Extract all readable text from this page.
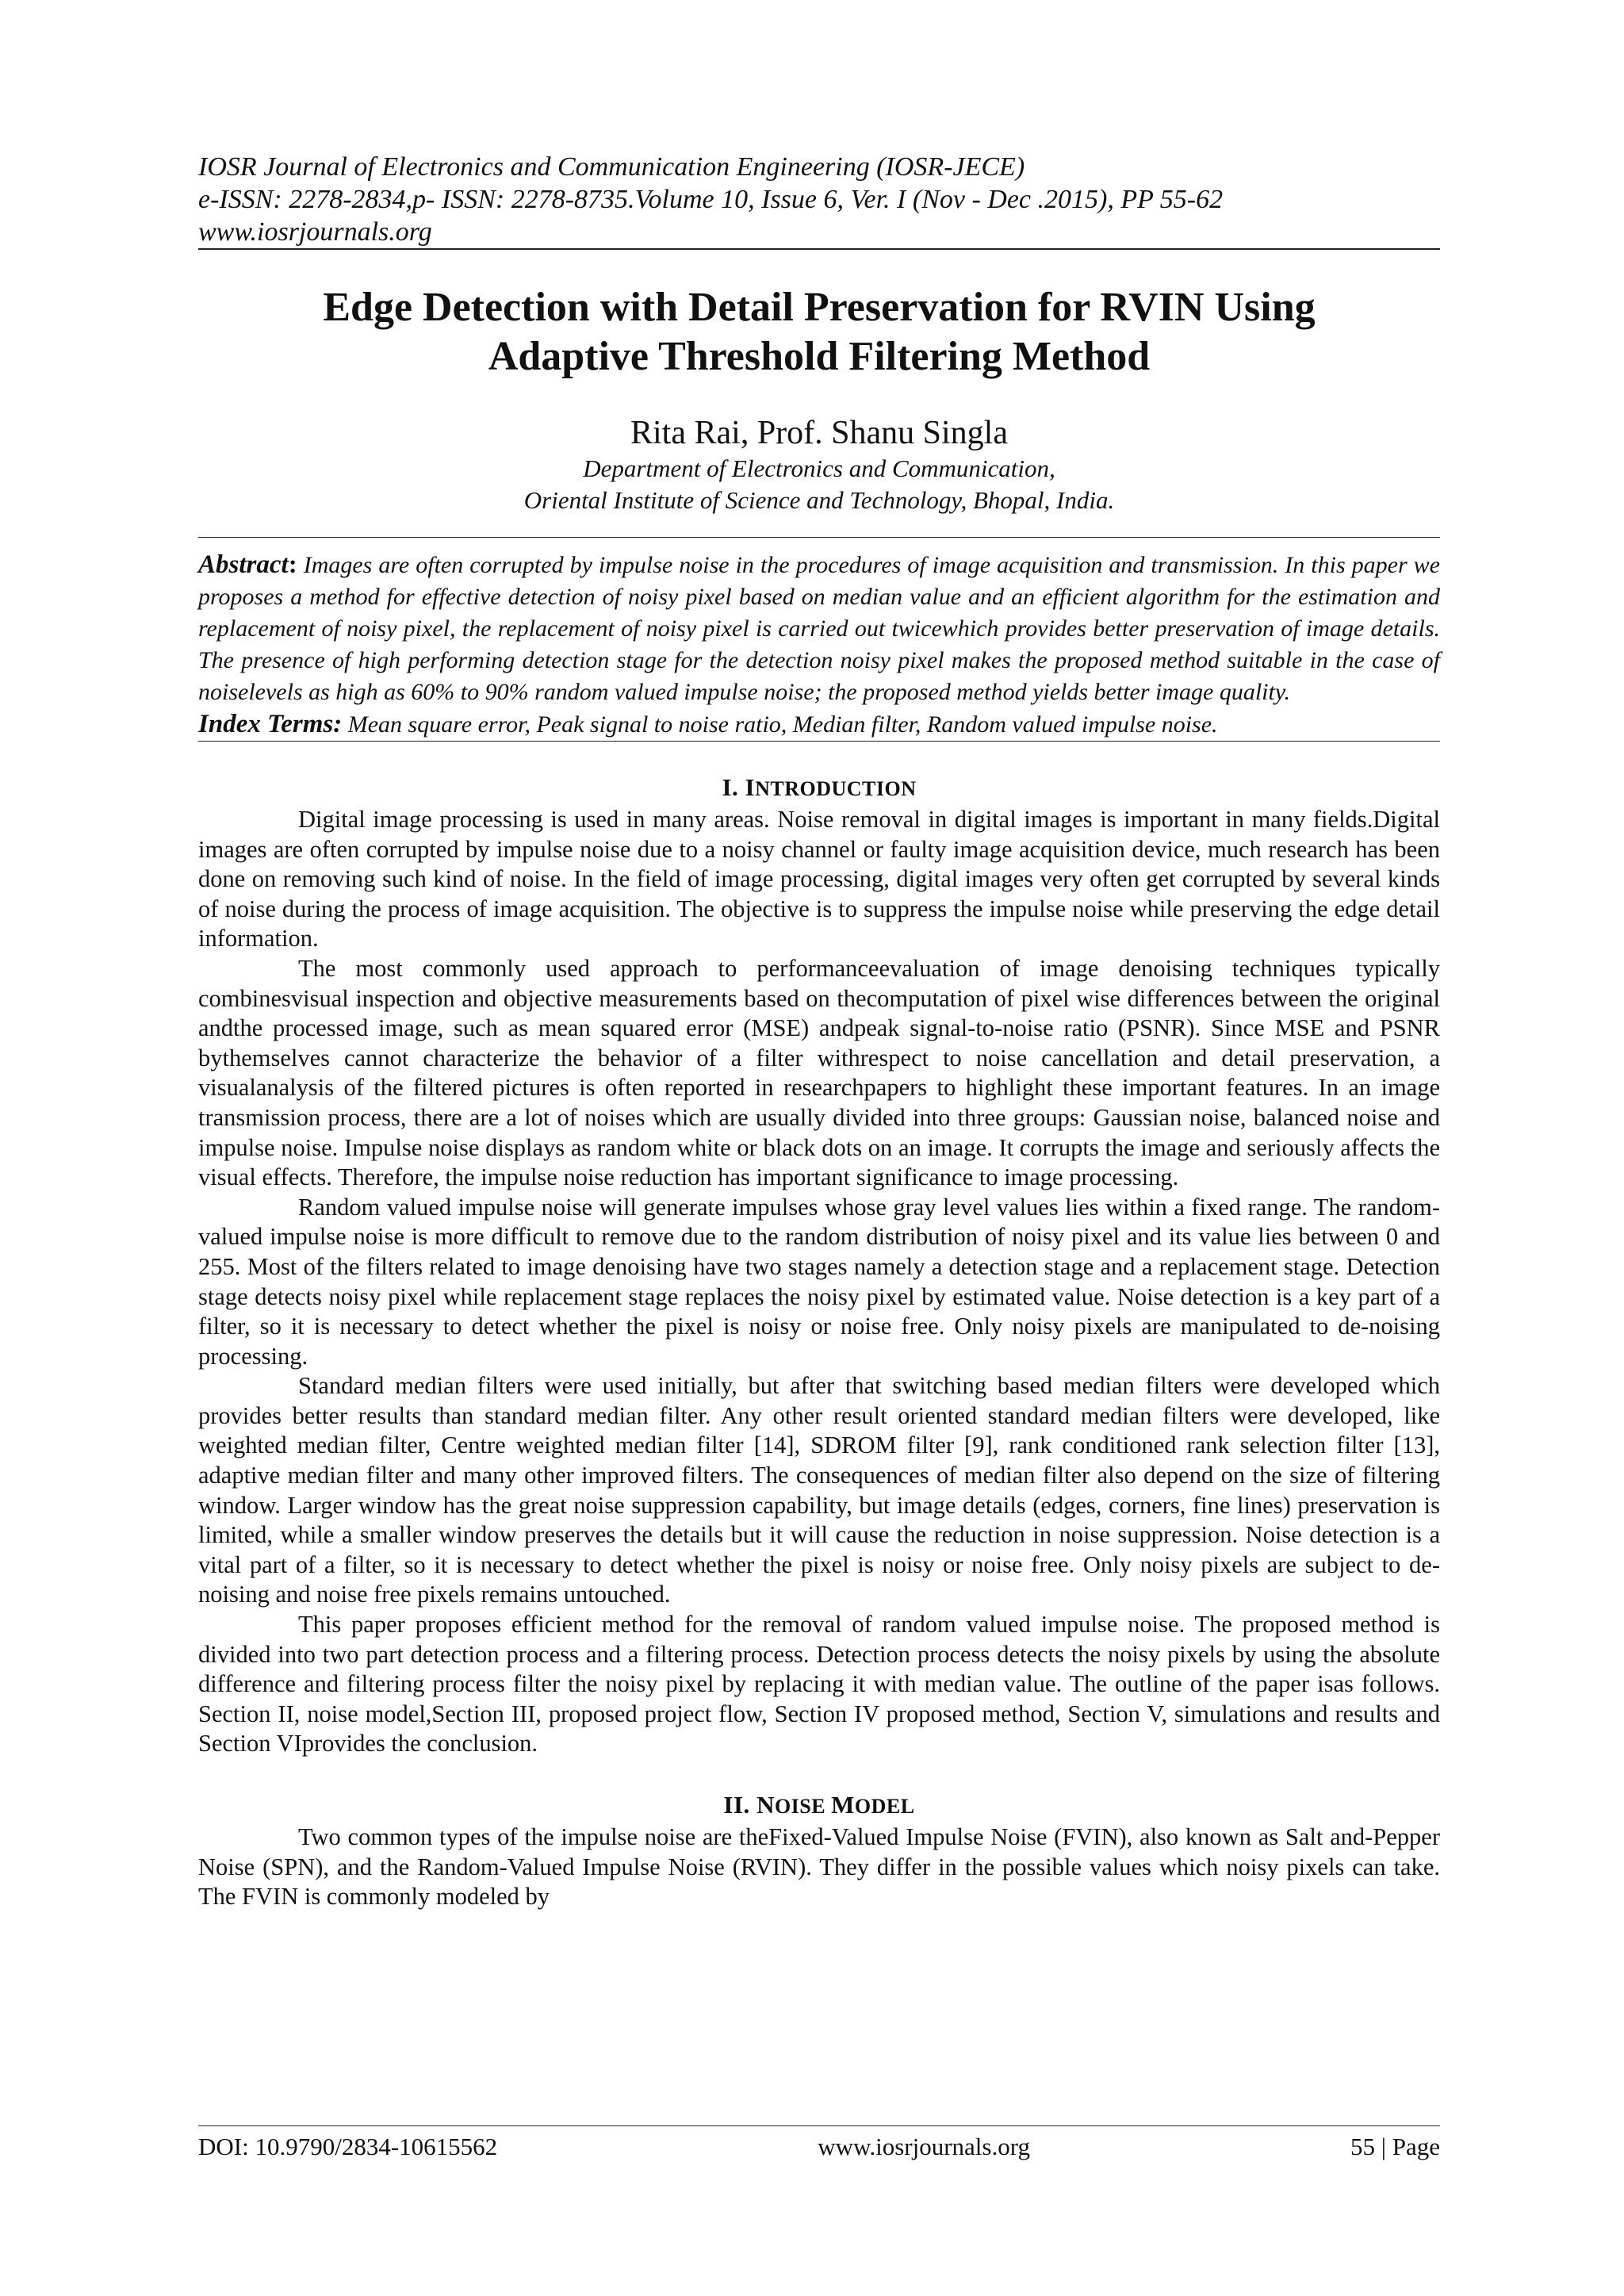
IOSR Journal of Electronics and Communication Engineering (IOSR-JECE)
e-ISSN: 2278-2834,p- ISSN: 2278-8735.Volume 10, Issue 6, Ver. I (Nov - Dec .2015), PP 55-62
www.iosrjournals.org
Edge Detection with Detail Preservation for RVIN Using
Adaptive Threshold Filtering Method
Rita Rai, Prof. Shanu Singla
Department of Electronics and Communication,
Oriental Institute of Science and Technology, Bhopal, India.
Abstract: Images are often corrupted by impulse noise in the procedures of image acquisition and transmission. In this paper we proposes a method for effective detection of noisy pixel based on median value and an efficient algorithm for the estimation and replacement of noisy pixel, the replacement of noisy pixel is carried out twicewhich provides better preservation of image details. The presence of high performing detection stage for the detection noisy pixel makes the proposed method suitable in the case of noiselevels as high as 60% to 90% random valued impulse noise; the proposed method yields better image quality.
Index Terms: Mean square error, Peak signal to noise ratio, Median filter, Random valued impulse noise.
I. INTRODUCTION

Digital image processing is used in many areas. Noise removal in digital images is important in many fields.Digital images are often corrupted by impulse noise due to a noisy channel or faulty image acquisition device, much research has been done on removing such kind of noise. In the field of image processing, digital images very often get corrupted by several kinds of noise during the process of image acquisition. The objective is to suppress the impulse noise while preserving the edge detail information.

The most commonly used approach to performanceevaluation of image denoising techniques typically combinesvisual inspection and objective measurements based on thecomputation of pixel wise differences between the original andthe processed image, such as mean squared error (MSE) andpeak signal-to-noise ratio (PSNR). Since MSE and PSNR bythemselves cannot characterize the behavior of a filter withrespect to noise cancellation and detail preservation, a visualanalysis of the filtered pictures is often reported in researchpapers to highlight these important features. In an image transmission process, there are a lot of noises which are usually divided into three groups: Gaussian noise, balanced noise and impulse noise. Impulse noise displays as random white or black dots on an image. It corrupts the image and seriously affects the visual effects. Therefore, the impulse noise reduction has important significance to image processing.

Random valued impulse noise will generate impulses whose gray level values lies within a fixed range. The random-valued impulse noise is more difficult to remove due to the random distribution of noisy pixel and its value lies between 0 and 255. Most of the filters related to image denoising have two stages namely a detection stage and a replacement stage. Detection stage detects noisy pixel while replacement stage replaces the noisy pixel by estimated value. Noise detection is a key part of a filter, so it is necessary to detect whether the pixel is noisy or noise free. Only noisy pixels are manipulated to de-noising processing.

Standard median filters were used initially, but after that switching based median filters were developed which provides better results than standard median filter. Any other result oriented standard median filters were developed, like weighted median filter, Centre weighted median filter [14], SDROM filter [9], rank conditioned rank selection filter [13], adaptive median filter and many other improved filters. The consequences of median filter also depend on the size of filtering window. Larger window has the great noise suppression capability, but image details (edges, corners, fine lines) preservation is limited, while a smaller window preserves the details but it will cause the reduction in noise suppression. Noise detection is a vital part of a filter, so it is necessary to detect whether the pixel is noisy or noise free. Only noisy pixels are subject to de-noising and noise free pixels remains untouched.

This paper proposes efficient method for the removal of random valued impulse noise. The proposed method is divided into two part detection process and a filtering process. Detection process detects the noisy pixels by using the absolute difference and filtering process filter the noisy pixel by replacing it with median value. The outline of the paper isas follows. Section II, noise model,Section III, proposed project flow, Section IV proposed method, Section V, simulations and results and Section VIprovides the conclusion.

II. NOISE MODEL

Two common types of the impulse noise are theFixed-Valued Impulse Noise (FVIN), also known as Salt and-Pepper Noise (SPN), and the Random-Valued Impulse Noise (RVIN). They differ in the possible values which noisy pixels can take. The FVIN is commonly modeled by

DOI: 10.9790/2834-10615562	www.iosrjournals.org	55 | Page
